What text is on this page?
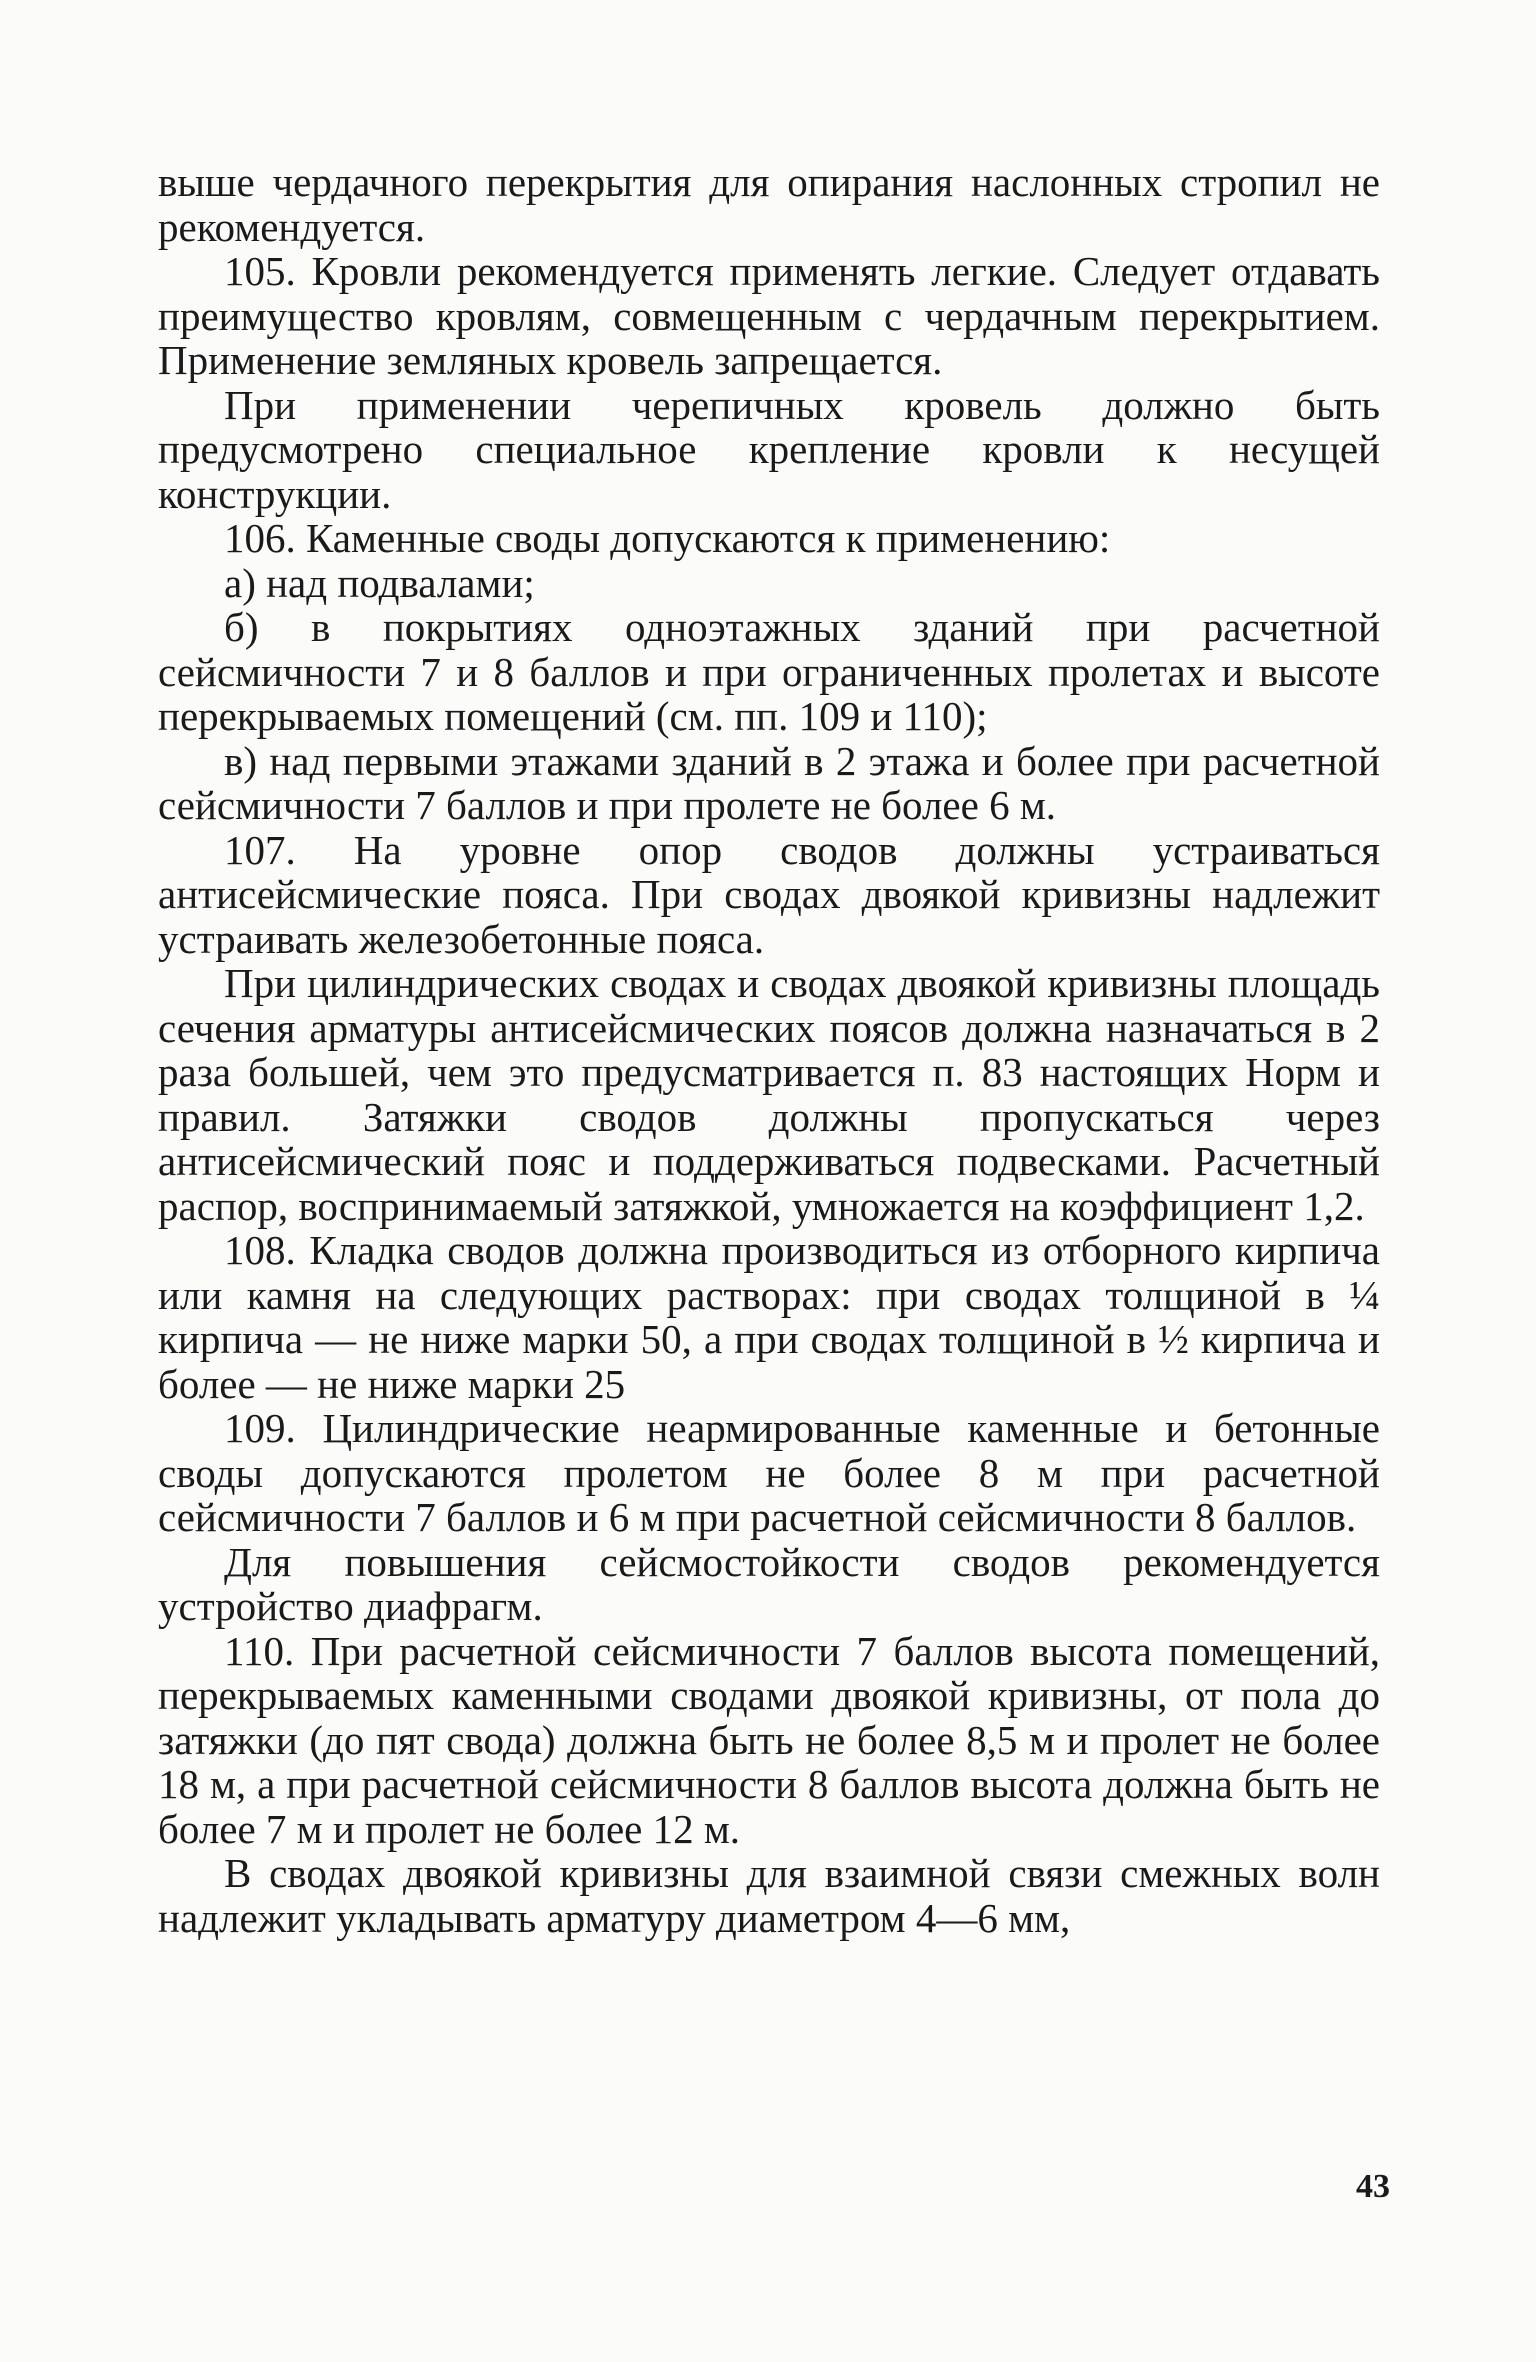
выше чердачного перекрытия для опирания наслонных стропил не рекомендуется.

105. Кровли рекомендуется применять легкие. Следует отдавать преимущество кровлям, совмещенным с чердачным перекрытием. Применение земляных кровель запрещается.

При применении черепичных кровель должно быть предусмотрено специальное крепление кровли к несущей конструкции.

106. Каменные своды допускаются к применению:

а) над подвалами;

б) в покрытиях одноэтажных зданий при расчетной сейсмичности 7 и 8 баллов и при ограниченных пролетах и высоте перекрываемых помещений (см. пп. 109 и 110);

в) над первыми этажами зданий в 2 этажа и более при расчетной сейсмичности 7 баллов и при пролете не более 6 м.

107. На уровне опор сводов должны устраиваться антисейсмические пояса. При сводах двоякой кривизны надлежит устраивать железобетонные пояса.

При цилиндрических сводах и сводах двоякой кривизны площадь сечения арматуры антисейсмических поясов должна назначаться в 2 раза большей, чем это предусматривается п. 83 настоящих Норм и правил. Затяжки сводов должны пропускаться через антисейсмический пояс и поддерживаться подвесками. Расчетный распор, воспринимаемый затяжкой, умножается на коэффициент 1,2.

108. Кладка сводов должна производиться из отборного кирпича или камня на следующих растворах: при сводах толщиной в ¼ кирпича — не ниже марки 50, а при сводах толщиной в ½ кирпича и более — не ниже марки 25

109. Цилиндрические неармированные каменные и бетонные своды допускаются пролетом не более 8 м при расчетной сейсмичности 7 баллов и 6 м при расчетной сейсмичности 8 баллов.

Для повышения сейсмостойкости сводов рекомендуется устройство диафрагм.

110. При расчетной сейсмичности 7 баллов высота помещений, перекрываемых каменными сводами двоякой кривизны, от пола до затяжки (до пят свода) должна быть не более 8,5 м и пролет не более 18 м, а при расчетной сейсмичности 8 баллов высота должна быть не более 7 м и пролет не более 12 м.

В сводах двоякой кривизны для взаимной связи смежных волн надлежит укладывать арматуру диаметром 4—6 мм,

43
